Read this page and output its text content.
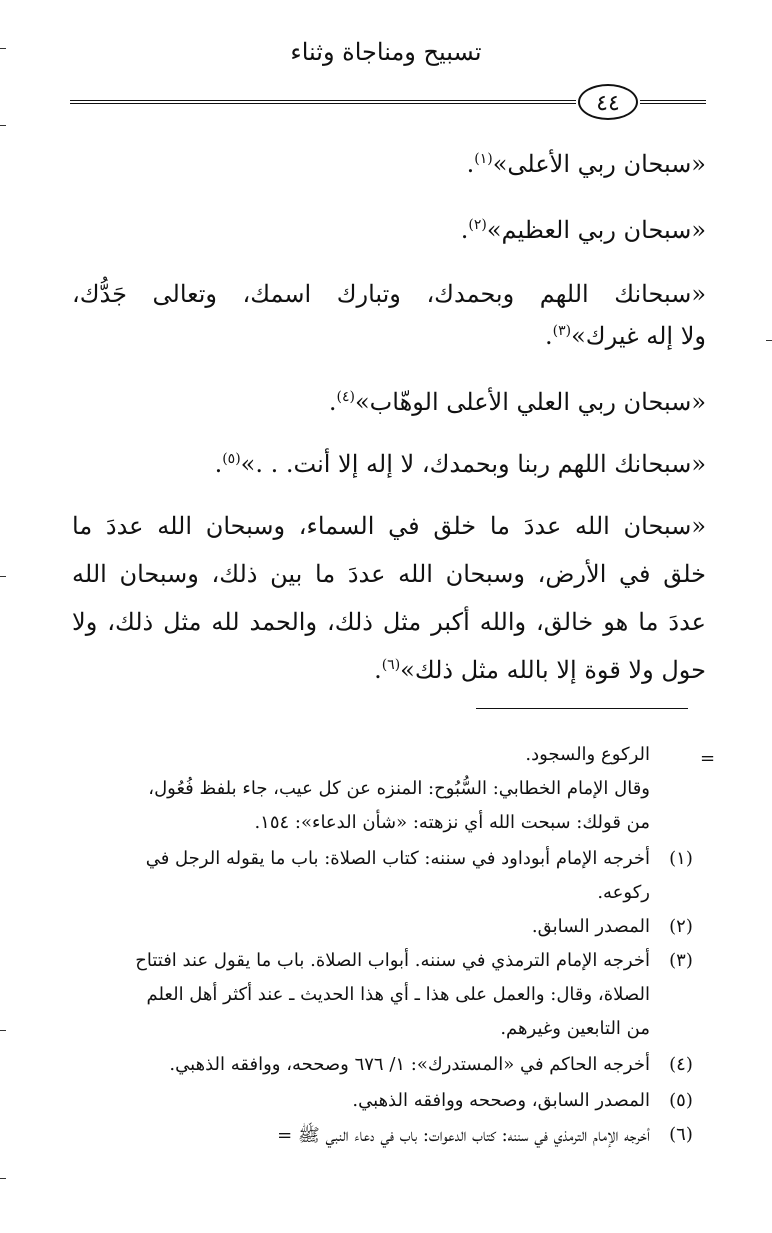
تسبيح ومناجاة وثناء
٤٤
«سبحان ربي الأعلى»$^{(١)}$.
«سبحان ربي العظيم»$^{(٢)}$.
«سبحانك اللهم وبحمدك، وتبارك اسمك، وتعالى جَدُّك،
ولا إله غيرك»$^{(٣)}$.
«سبحان ربي العلي الأعلى الوهّاب»$^{(٤)}$.
«سبحانك اللهم ربنا وبحمدك، لا إله إلا أنت. . .»$^{(٥)}$.
«سبحان الله عددَ ما خلق في السماء، وسبحان الله عددَ ما
خلق في الأرض، وسبحان الله عددَ ما بين ذلك، وسبحان الله
عددَ ما هو خالق، والله أكبر مثل ذلك، والحمد لله مثل ذلك، ولا
حول ولا قوة إلا بالله مثل ذلك»$^{(٦)}$.
=
الركوع والسجود.
وقال الإمام الخطابي: السُّبُوح: المنزه عن كل عيب، جاء بلفظ فُعُول،
من قولك: سبحت الله أي نزهته: «شأن الدعاء»: ١٥٤.
(١)
أخرجه الإمام أبوداود في سننه: كتاب الصلاة: باب ما يقوله الرجل في
ركوعه.
(٢)
المصدر السابق.
(٣)
أخرجه الإمام الترمذي في سننه. أبواب الصلاة. باب ما يقول عند افتتاح
الصلاة، وقال: والعمل على هذا ـ أي هذا الحديث ـ عند أكثر أهل العلم
من التابعين وغيرهم.
(٤)
أخرجه الحاكم في «المستدرك»: ١/ ٦٧٦ وصححه، ووافقه الذهبي.
(٥)
المصدر السابق، وصححه ووافقه الذهبي.
(٦)
أخرجه الإمام الترمذي في سننه: كتاب الدعوات: باب في دعاء النبي ﷺ =
